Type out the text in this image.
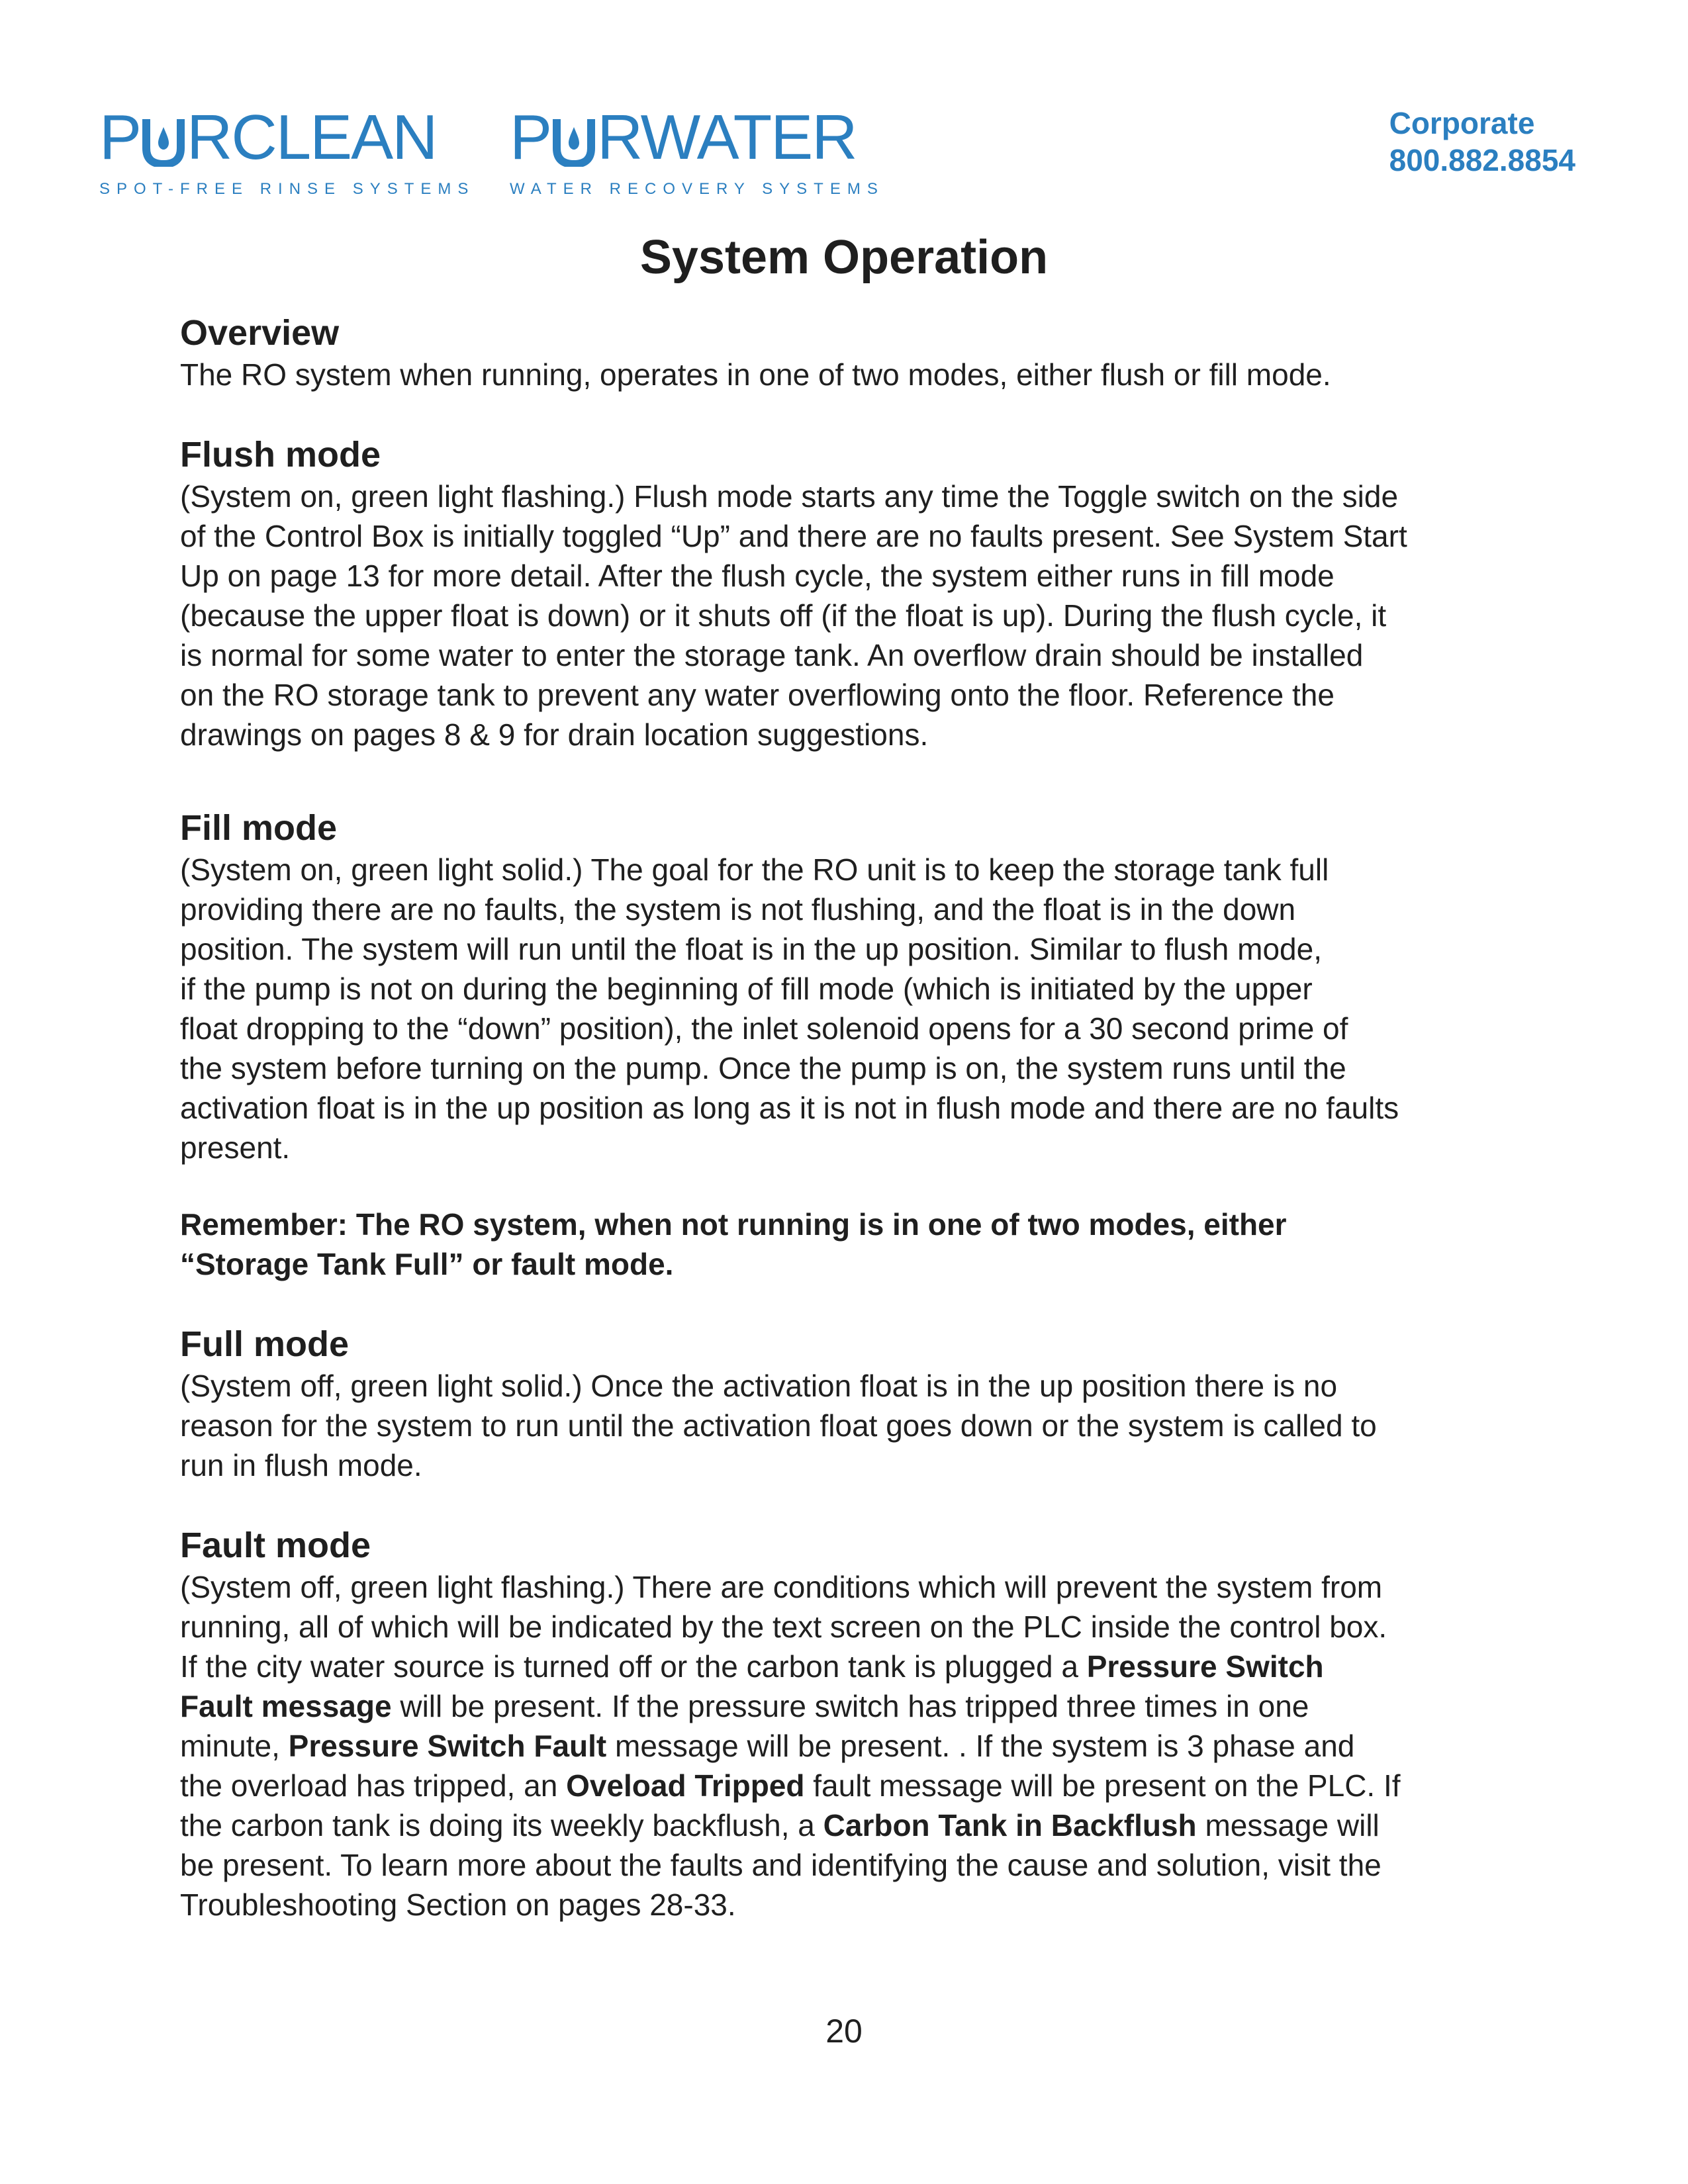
P RCLEAN
SPOT-FREE RINSE SYSTEMS
P RWATER
WATER RECOVERY SYSTEMS
Corporate
800.882.8854
System Operation
Overview

The RO system when running, operates in one of two modes, either flush or fill mode.

Flush mode

(System on, green light flashing.) Flush mode starts any time the Toggle switch on the side
of the Control Box is initially toggled “Up” and there are no faults present. See System Start
Up on page 13 for more detail. After the flush cycle, the system either runs in fill mode
(because the upper float is down) or it shuts off (if the float is up). During the flush cycle, it
is normal for some water to enter the storage tank. An overflow drain should be installed
on the RO storage tank to prevent any water overflowing onto the floor. Reference the
drawings on pages 8 & 9 for drain location suggestions.

Fill mode

(System on, green light solid.) The goal for the RO unit is to keep the storage tank full
providing there are no faults, the system is not flushing, and the float is in the down
position. The system will run until the float is in the up position. Similar to flush mode,
if the pump is not on during the beginning of fill mode (which is initiated by the upper
float dropping to the “down” position), the inlet solenoid opens for a 30 second prime of
the system before turning on the pump. Once the pump is on, the system runs until the
activation float is in the up position as long as it is not in flush mode and there are no faults
present.

Remember: The RO system, when not running is in one of two modes, either
“Storage Tank Full” or fault mode.

Full mode

(System off, green light solid.) Once the activation float is in the up position there is no
reason for the system to run until the activation float goes down or the system is called to
run in flush mode.

Fault mode

(System off, green light flashing.) There are conditions which will prevent the system from
running, all of which will be indicated by the text screen on the PLC inside the control box.
If the city water source is turned off or the carbon tank is plugged a Pressure Switch
Fault message will be present. If the pressure switch has tripped three times in one
minute, Pressure Switch Fault message will be present. . If the system is 3 phase and
the overload has tripped, an Oveload Tripped fault message will be present on the PLC. If
the carbon tank is doing its weekly backflush, a Carbon Tank in Backflush message will
be present. To learn more about the faults and identifying the cause and solution, visit the
Troubleshooting Section on pages 28-33.

20
